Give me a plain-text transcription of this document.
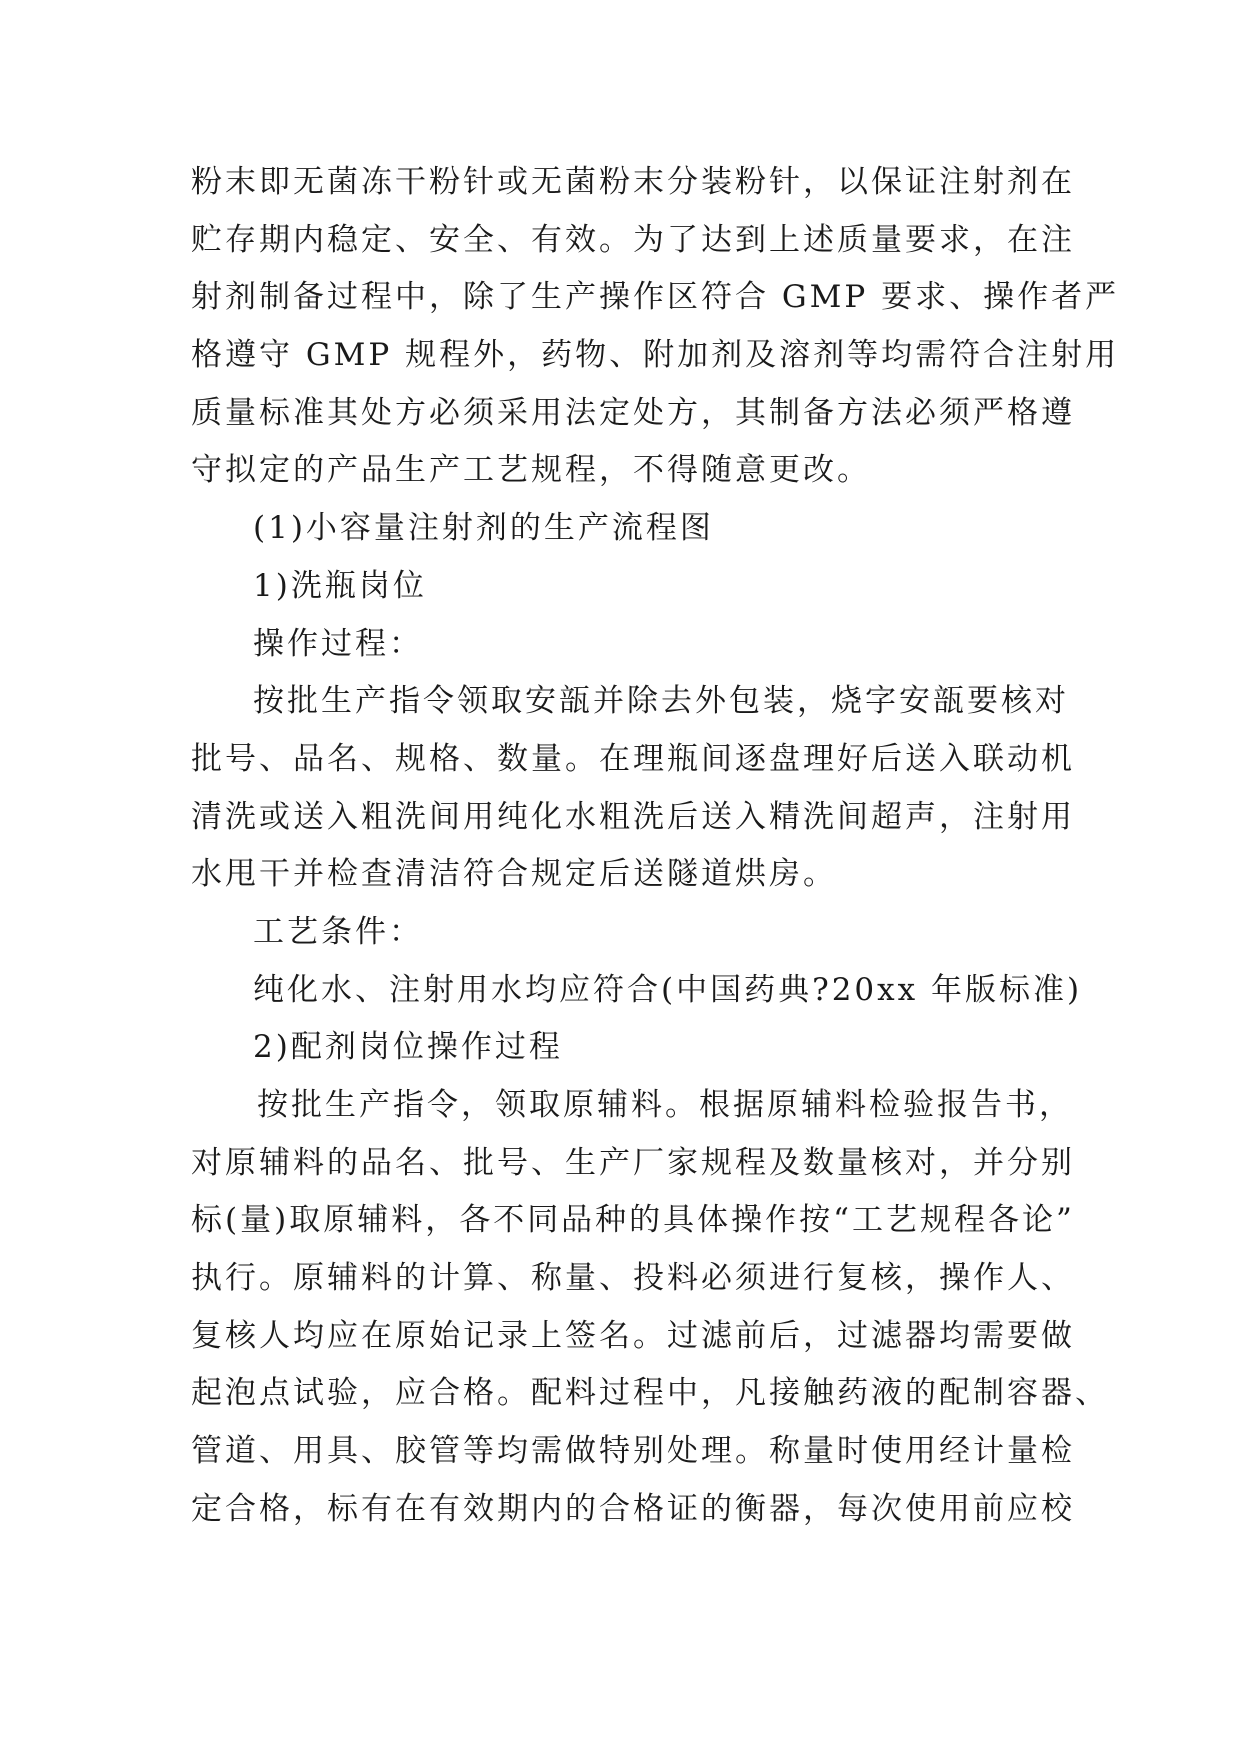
粉末即无菌冻干粉针或无菌粉末分装粉针，以保证注射剂在
贮存期内稳定、安全、有效。为了达到上述质量要求，在注
射剂制备过程中，除了生产操作区符合 GMP 要求、操作者严
格遵守 GMP 规程外，药物、附加剂及溶剂等均需符合注射用
质量标准其处方必须采用法定处方，其制备方法必须严格遵
守拟定的产品生产工艺规程，不得随意更改。
(1)小容量注射剂的生产流程图
1)洗瓶岗位
操作过程：
按批生产指令领取安瓿并除去外包装，烧字安瓿要核对
批号、品名、规格、数量。在理瓶间逐盘理好后送入联动机
清洗或送入粗洗间用纯化水粗洗后送入精洗间超声，注射用
水甩干并检查清洁符合规定后送隧道烘房。
工艺条件：
纯化水、注射用水均应符合(中国药典?20xx 年版标准)
2)配剂岗位操作过程
按批生产指令，领取原辅料。根据原辅料检验报告书，
对原辅料的品名、批号、生产厂家规程及数量核对，并分别
标(量)取原辅料，各不同品种的具体操作按“工艺规程各论”
执行。原辅料的计算、称量、投料必须进行复核，操作人、
复核人均应在原始记录上签名。过滤前后，过滤器均需要做
起泡点试验，应合格。配料过程中，凡接触药液的配制容器、
管道、用具、胶管等均需做特别处理。称量时使用经计量检
定合格，标有在有效期内的合格证的衡器，每次使用前应校
